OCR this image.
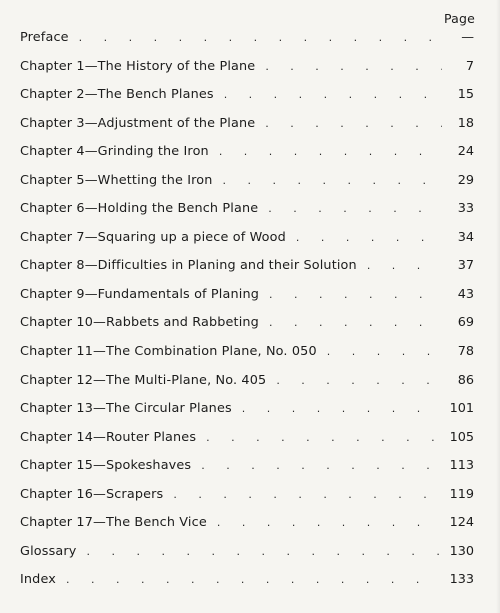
Page
Preface . . .	—
Chapter 1—The History of the Plane . . .	7
Chapter 2—The Bench Planes . . .	15
Chapter 3—Adjustment of the Plane . . .	18
Chapter 4—Grinding the Iron . . .	24
Chapter 5—Whetting the Iron . . .	29
Chapter 6—Holding the Bench Plane . . .	33
Chapter 7—Squaring up a piece of Wood . . .	34
Chapter 8—Difficulties in Planing and their Solution . . .	37
Chapter 9—Fundamentals of Planing . . .	43
Chapter 10—Rabbets and Rabbeting . . .	69
Chapter 11—The Combination Plane, No. 050 . . .	78
Chapter 12—The Multi-Plane, No. 405 . . .	86
Chapter 13—The Circular Planes . . .	101
Chapter 14—Router Planes . . .	105
Chapter 15—Spokeshaves . . .	113
Chapter 16—Scrapers . . .	119
Chapter 17—The Bench Vice . . .	124
Glossary . . .	130
Index . . .	133
